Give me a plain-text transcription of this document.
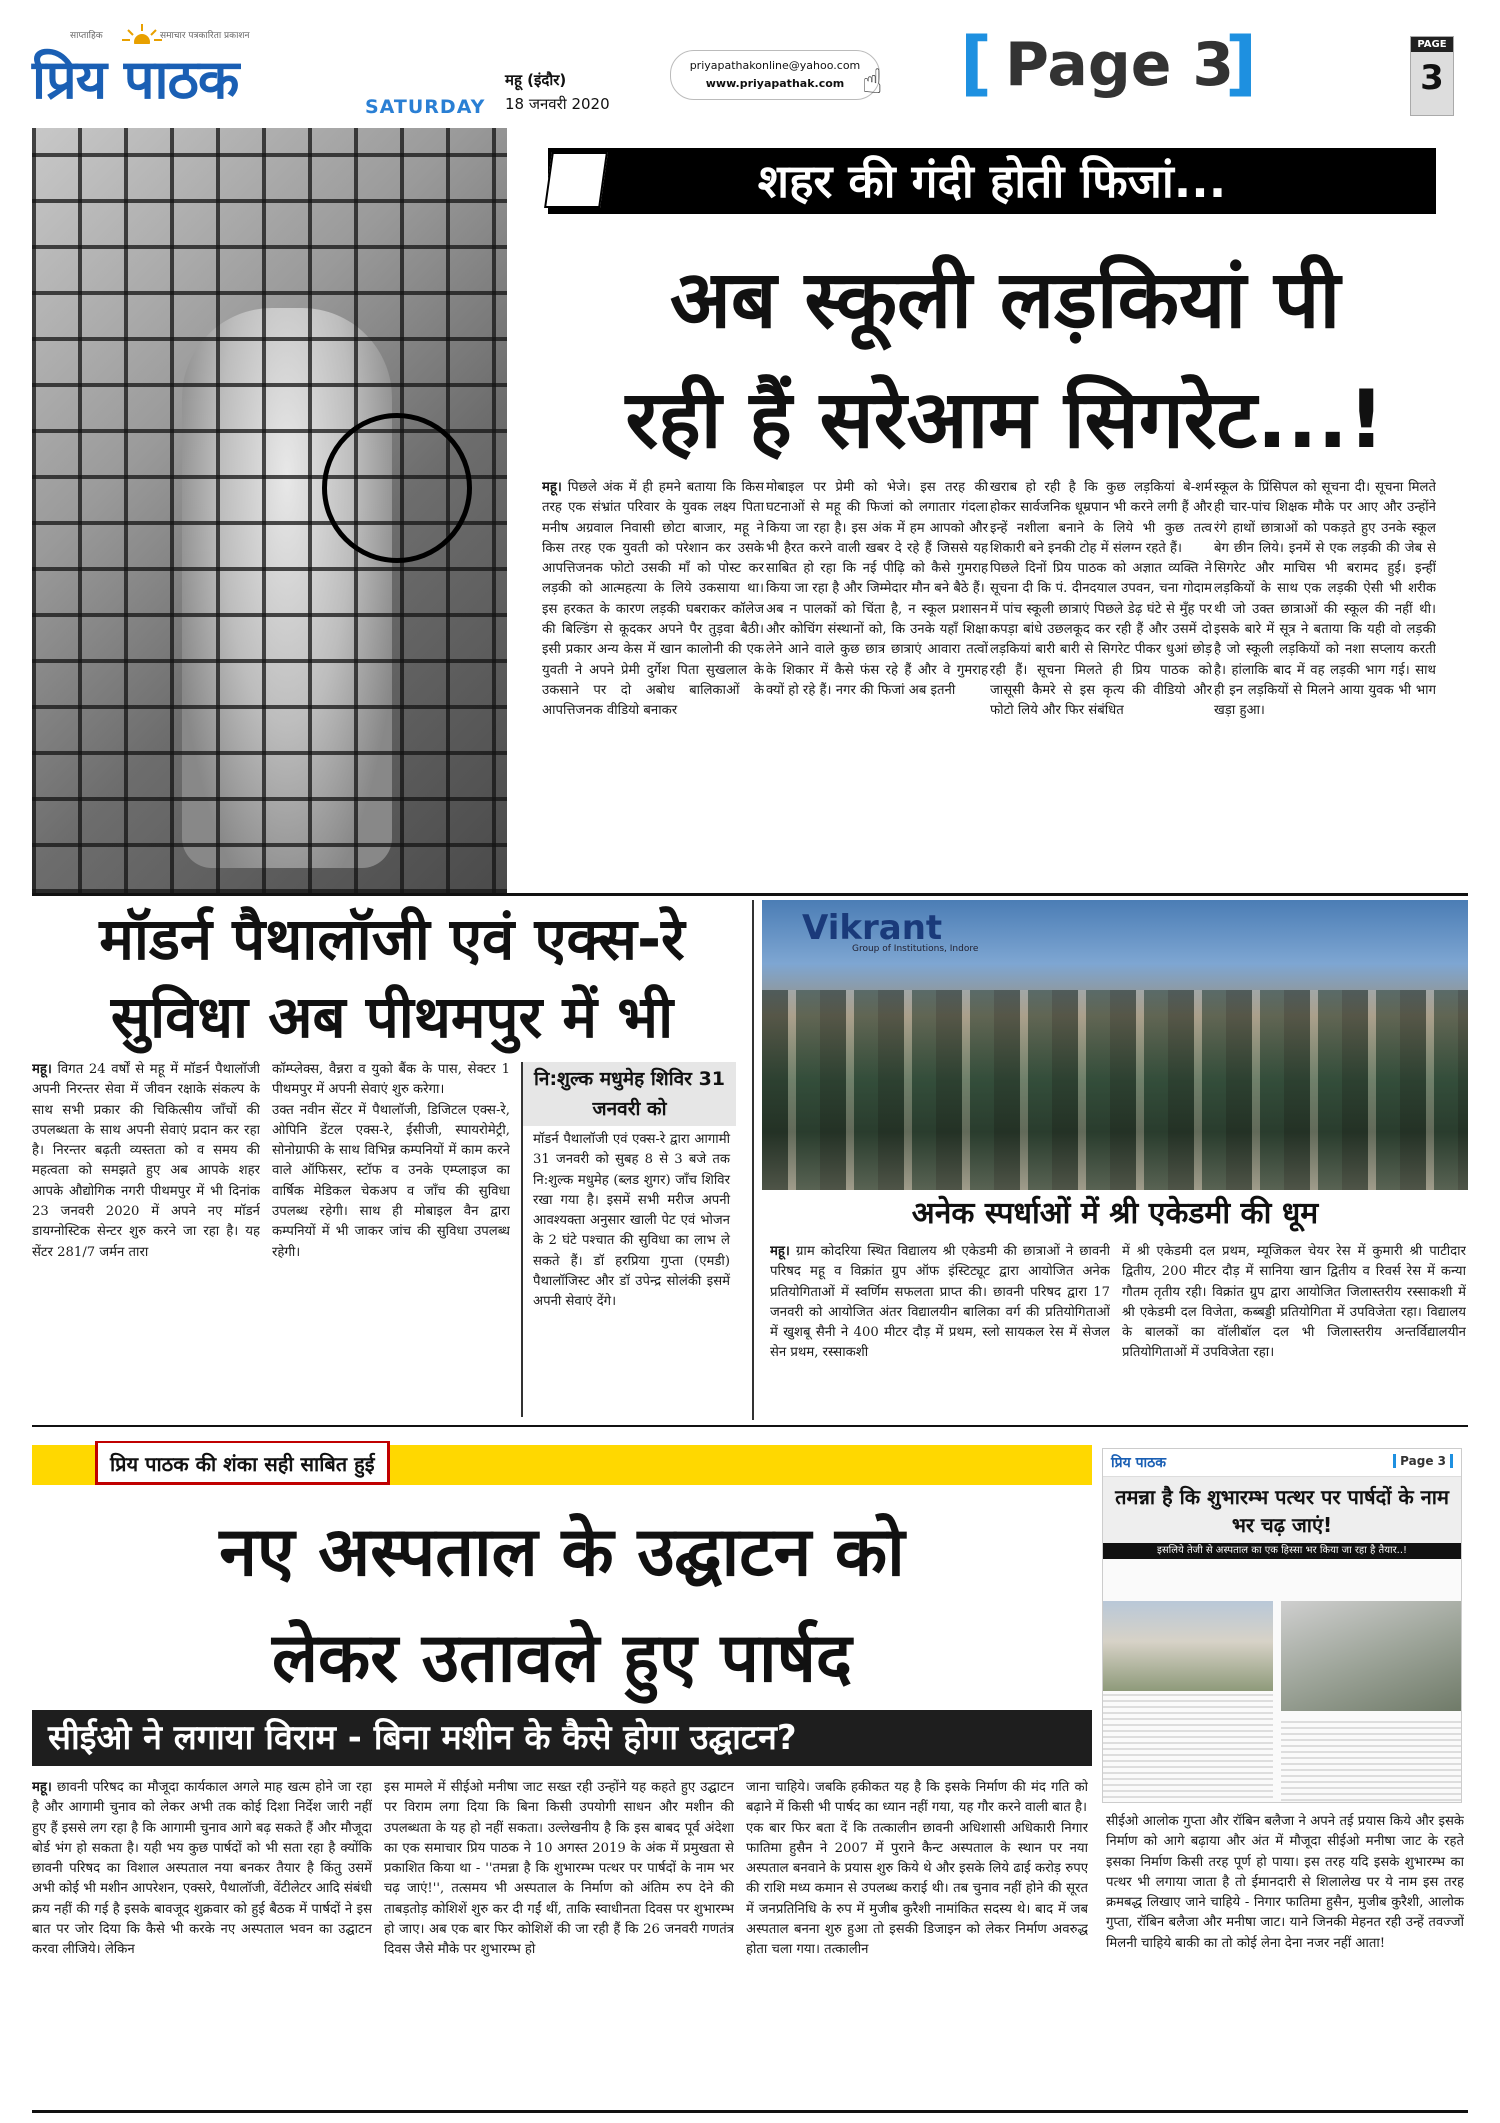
साप्ताहिक	समाचार पत्रकारिता प्रकाशन
प्रिय पाठक	SATURDAY
महू (इंदौर)
18 जनवरी 2020
priyapathakonline@yahoo.com
www.priyapathak.com ☝ [ Page 3
]	PAGE
3
शहर की गंदी होती फिजां...
अब स्कूली लड़कियां पी
रही हैं सरेआम सिगरेट...!
महू। पिछले अंक में ही हमने बताया कि किस तरह एक संभ्रांत परिवार के युवक लक्ष्य पिता मनीष अग्रवाल निवासी छोटा बाजार, महू ने किस तरह एक युवती को परेशान कर उसके आपत्तिजनक फोटो उसकी मॉं को पोस्ट कर लड़की को आत्महत्या के लिये उकसाया था। इस हरकत के कारण लड़की घबराकर कॉलेज की बिल्डिंग से कूदकर अपने पैर तुड़वा बैठी। इसी प्रकार अन्य केस में खान कालोनी की एक युवती ने अपने प्रेमी दुर्गेश पिता सुखलाल के उकसाने पर दो अबोध बालिकाओं के आपत्तिजनक वीडियो बनाकर
मोबाइल पर प्रेमी को भेजे। इस तरह की घटनाओं से महू की फिजां को लगातार गंदला किया जा रहा है। इस अंक में हम आपको और भी हैरत करने वाली खबर दे रहे हैं जिससे यह साबित हो रहा कि नई पीढ़ि को कैसे गुमराह किया जा रहा है और जिम्मेदार मौन बने बैठे हैं।
अब न पालकों को चिंता है, न स्कूल प्रशासन और कोचिंग संस्थानों को, कि उनके यहॉं शिक्षा लेने आने वाले कुछ छात्र छात्राएं आवारा तत्वों के शिकार में कैसे फंस रहे हैं और वे गुमराह क्यों हो रहे हैं। नगर की फिजां अब इतनी
खराब हो रही है कि कुछ लड़कियां बे-शर्म होकर सार्वजनिक धूम्रपान भी करने लगी हैं और इन्हें नशीला बनाने के लिये भी कुछ तत्व शिकारी बने इनकी टोह में संलग्न रहते हैं।
पिछले दिनों प्रिय पाठक को अज्ञात व्यक्ति ने सूचना दी कि पं. दीनदयाल उपवन, चना गोदाम में पांच स्कूली छात्राएं पिछले डेढ़ घंटे से मुँह पर कपड़ा बांधे उछलकूद कर रही हैं और उसमें दो लड़कियां बारी बारी से सिगरेट पीकर धुआं छोड़ रही हैं। सूचना मिलते ही प्रिय पाठक को जासूसी कैमरे से इस कृत्य की वीडियो और फोटो लिये और फिर संबंधित
स्कूल के प्रिंसिपल को सूचना दी। सूचना मिलते ही चार-पांच शिक्षक मौके पर आए और उन्होंने रंगे हाथों छात्राओं को पकड़ते हुए उनके स्कूल बेग छीन लिये। इनमें से एक लड़की की जेब से सिगरेट और माचिस भी बरामद हुई। इन्हीं लड़कियों के साथ एक लड़की ऐसी भी शरीक थी जो उक्त छात्राओं की स्कूल की नहीं थी। इसके बारे में सूत्र ने बताया कि यही वो लड़की है जो स्कूली लड़कियों को नशा सप्लाय करती है। हांलाकि बाद में वह लड़की भाग गई। साथ ही इन लड़कियों से मिलने आया युवक भी भाग खड़ा हुआ।
मॉडर्न पैथालॉजी एवं एक्स-रे
सुविधा अब पीथमपुर में भी
महू। विगत 24 वर्षों से महू में मॉडर्न पैथालॉजी अपनी निरन्तर सेवा में जीवन रक्षाके संकल्प के साथ सभी प्रकार की चिकित्सीय जाँचों की उपलब्धता के साथ अपनी सेवाएं प्रदान कर रहा है। निरन्तर बढ़ती व्यस्तता को व समय की महत्वता को समझते हुए अब आपके शहर आपके औद्योगिक नगरी पीथमपुर में भी दिनांक 23 जनवरी 2020 में अपने नए मॉडर्न डायग्नोस्टिक सेन्टर शुरु करने जा रहा है। यह सेंटर 281/7 जर्मन तारा
कॉम्प्लेक्स, वैन्नरा व युको बैंक के पास, सेक्टर 1 पीथमपुर में अपनी सेवाएं शुरु करेगा।
उक्त नवीन सेंटर में पैथालॉजी, डिजिटल एक्स-रे, ओपिनि डेंटल एक्स-रे, ईसीजी, स्पायरोमेट्री, सोनोग्राफी के साथ विभिन्न कम्पनियों में काम करने वाले ऑफिसर, स्टॉफ व उनके एम्प्लाइज का वार्षिक मेडिकल चेकअप व जाँच की सुविधा उपलब्ध रहेगी। साथ ही मोबाइल वैन द्वारा कम्पनियों में भी जाकर जांच की सुविधा उपलब्ध रहेगी।
नि:शुल्क मधुमेह शिविर 31 जनवरी को
मॉडर्न पैथालॉजी एवं एक्स-रे द्वारा आगामी 31 जनवरी को सुबह 8 से 3 बजे तक नि:शुल्क मधुमेह (ब्लड शुगर) जाँच शिविर रखा गया है। इसमें सभी मरीज अपनी आवश्यक्ता अनुसार खाली पेट एवं भोजन के 2 घंटे पश्चात की सुविधा का लाभ ले सकते हैं। डॉ हरप्रिया गुप्ता (एमडी) पैथालॉजिस्ट और डॉ उपेन्द्र सोलंकी इसमें अपनी सेवाएं देंगे।
Vikrant
Group of Institutions, Indore
अनेक स्पर्धाओं में श्री एकेडमी की धूम
महू। ग्राम कोदरिया स्थित विद्यालय श्री एकेडमी की छात्राओं ने छावनी परिषद महू व विक्रांत ग्रुप ऑफ इंस्टिट्यूट द्वारा आयोजित अनेक प्रतियोगिताओं में स्वर्णिम सफलता प्राप्त की। छावनी परिषद द्वारा 17 जनवरी को आयोजित अंतर विद्यालयीन बालिका वर्ग की प्रतियोगिताओं में खुशबू सैनी ने 400 मीटर दौड़ में प्रथम, स्लो सायकल रेस में सेजल सेन प्रथम, रस्साकशी
में श्री एकेडमी दल प्रथम, म्यूजिकल चेयर रेस में कुमारी श्री पाटीदार द्वितीय, 200 मीटर दौड़ में सानिया खान द्वितीय व रिवर्स रेस में कन्या गौतम तृतीय रही। विक्रांत ग्रुप द्वारा आयोजित जिलास्तरीय रस्साकशी में श्री एकेडमी दल विजेता, कब्बड्डी प्रतियोगिता में उपविजेता रहा। विद्यालय के बालकों का वॉलीबॉल दल भी जिलास्तरीय अन्तर्विद्यालयीन प्रतियोगिताओं में उपविजेता रहा।
प्रिय पाठक की शंका सही साबित हुई
नए अस्पताल के उद्घाटन को
लेकर उतावले हुए पार्षद
सीईओ ने लगाया विराम - बिना मशीन के कैसे होगा उद्घाटन?
प्रिय पाठक	Page 3
तमन्ना है कि शुभारम्भ पत्थर पर पार्षदों के नाम भर चढ़ जाएं!
इसलिये तेजी से अस्पताल का एक हिस्सा भर किया जा रहा है तैयार..!
महू। छावनी परिषद का मौजूदा कार्यकाल अगले माह खत्म होने जा रहा है और आगामी चुनाव को लेकर अभी तक कोई दिशा निर्देश जारी नहीं हुए हैं इससे लग रहा है कि आगामी चुनाव आगे बढ़ सकते हैं और मौजूदा बोर्ड भंग हो सकता है। यही भय कुछ पार्षदों को भी सता रहा है क्योंकि छावनी परिषद का विशाल अस्पताल नया बनकर तैयार है किंतु उसमें अभी कोई भी मशीन आपरेशन, एक्सरे, पैथालॉजी, वेंटीलेटर आदि संबंधी क्रय नहीं की गई है इसके बावजूद शुक्रवार को हुई बैठक में पार्षदों ने इस बात पर जोर दिया कि कैसे भी करके नए अस्पताल भवन का उद्घाटन करवा लीजिये। लेकिन
इस मामले में सीईओ मनीषा जाट सख्त रही उन्होंने यह कहते हुए उद्घाटन पर विराम लगा दिया कि बिना किसी उपयोगी साधन और मशीन की उपलब्धता के यह हो नहीं सकता। उल्लेखनीय है कि इस बाबद पूर्व अंदेशा का एक समाचार प्रिय पाठक ने 10 अगस्त 2019 के अंक में प्रमुखता से प्रकाशित किया था - ''तमन्ना है कि शुभारम्भ पत्थर पर पार्षदों के नाम भर चढ़ जाएं!'', तत्समय भी अस्पताल के निर्माण को अंतिम रुप देने की ताबड़तोड़ कोशिशें शुरु कर दी गईं थीं, ताकि स्वाधीनता दिवस पर शुभारम्भ हो जाए। अब एक बार फिर कोशिशें की जा रही हैं कि 26 जनवरी गणतंत्र दिवस जैसे मौके पर शुभारम्भ हो
जाना चाहिये। जबकि हकीकत यह है कि इसके निर्माण की मंद गति को बढ़ाने में किसी भी पार्षद का ध्यान नहीं गया, यह गौर करने वाली बात है।
एक बार फिर बता दें कि तत्कालीन छावनी अधिशासी अधिकारी निगार फातिमा हुसैन ने 2007 में पुराने कैन्ट अस्पताल के स्थान पर नया अस्पताल बनवाने के प्रयास शुरु किये थे और इसके लिये ढाई करोड़ रुपए की राशि मध्य कमान से उपलब्ध कराई थी। तब चुनाव नहीं होने की सूरत में जनप्रतिनिधि के रुप में मुजीब कुरैशी नामांकित सदस्य थे। बाद में जब अस्पताल बनना शुरु हुआ तो इसकी डिजाइन को लेकर निर्माण अवरुद्ध होता चला गया। तत्कालीन
सीईओ आलोक गुप्ता और रॉबिन बलैजा ने अपने तई प्रयास किये और इसके निर्माण को आगे बढ़ाया और अंत में मौजूदा सीईओ मनीषा जाट के रहते इसका निर्माण किसी तरह पूर्ण हो पाया। इस तरह यदि इसके शुभारम्भ का पत्थर भी लगाया जाता है तो ईमानदारी से शिलालेख पर ये नाम इस तरह क्रमबद्ध लिखाए जाने चाहिये - निगार फातिमा हुसैन, मुजीब कुरैशी, आलोक गुप्ता, रॉबिन बलैजा और मनीषा जाट। याने जिनकी मेहनत रही उन्हें तवज्जों मिलनी चाहिये बाकी का तो कोई लेना देना नजर नहीं आता!
